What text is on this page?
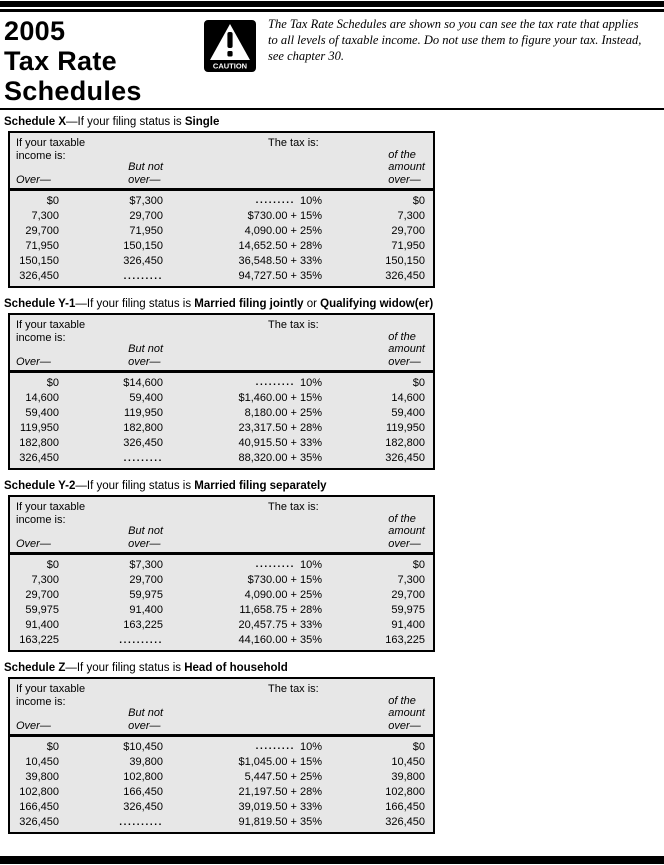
2005
Tax Rate
Schedules
CAUTION
The Tax Rate Schedules are shown so you can see the tax rate that applies
to all levels of taxable income. Do not use them to figure your tax. Instead,
see chapter 30.
Schedule X—If your filing status is Single
If your taxable income is:
The tax is:
Over—
But not
over—
of the
amount
over—
$0	$7,300	......... 10%	$0
7,300	29,700	$730.00 + 15%	7,300
29,700	71,950	4,090.00 + 25%	29,700
71,950	150,150	14,652.50 + 28%	71,950
150,150	326,450	36,548.50 + 33%	150,150
326,450	.........	94,727.50 + 35%	326,450
Schedule Y-1—If your filing status is Married filing jointly or Qualifying widow(er)
If your taxable income is:
The tax is:
Over—
But not
over—
of the
amount
over—
$0	$14,600	......... 10%	$0
14,600	59,400	$1,460.00 + 15%	14,600
59,400	119,950	8,180.00 + 25%	59,400
119,950	182,800	23,317.50 + 28%	119,950
182,800	326,450	40,915.50 + 33%	182,800
326,450	.........	88,320.00 + 35%	326,450
Schedule Y-2—If your filing status is Married filing separately
If your taxable income is:
The tax is:
Over—
But not
over—
of the
amount
over—
$0	$7,300	......... 10%	$0
7,300	29,700	$730.00 + 15%	7,300
29,700	59,975	4,090.00 + 25%	29,700
59,975	91,400	11,658.75 + 28%	59,975
91,400	163,225	20,457.75 + 33%	91,400
163,225	..........	44,160.00 + 35%	163,225
Schedule Z—If your filing status is Head of household
If your taxable income is:
The tax is:
Over—
But not
over—
of the
amount
over—
$0	$10,450	......... 10%	$0
10,450	39,800	$1,045.00 + 15%	10,450
39,800	102,800	5,447.50 + 25%	39,800
102,800	166,450	21,197.50 + 28%	102,800
166,450	326,450	39,019.50 + 33%	166,450
326,450	..........	91,819.50 + 35%	326,450
